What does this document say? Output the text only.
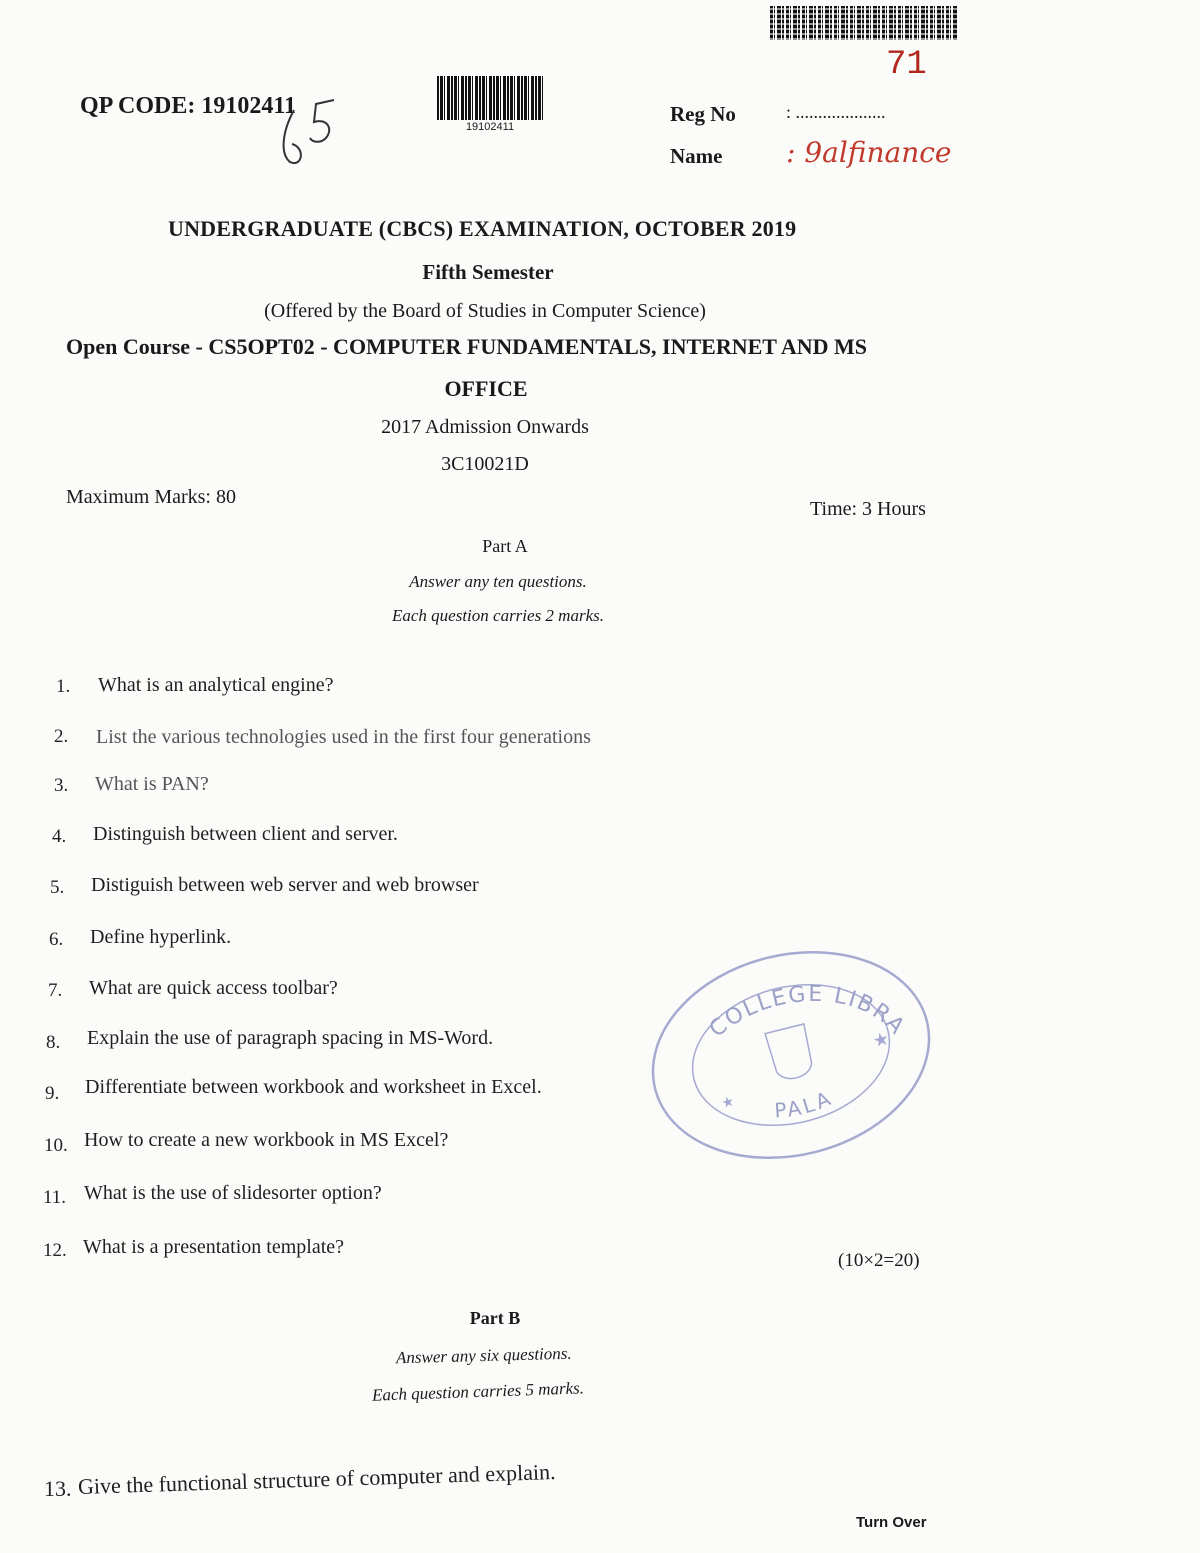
71
QP CODE: 19102411
19102411
Reg No	: ....................
Name : 9alfinance
UNDERGRADUATE (CBCS) EXAMINATION, OCTOBER 2019
Fifth Semester
(Offered by the Board of Studies in Computer Science)
Open Course - CS5OPT02 - COMPUTER FUNDAMENTALS, INTERNET AND MS
OFFICE
2017 Admission Onwards
3C10021D
Maximum Marks: 80
Time: 3 Hours
Part A
Answer any ten questions.
Each question carries 2 marks.
1. What is an analytical engine?
2. List the various technologies used in the first four generations
3. What is PAN?
4. Distinguish between client and server.
5. Distiguish between web server and web browser
6. Define hyperlink.
7. What are quick access toolbar?
8. Explain the use of paragraph spacing in MS-Word.
9. Differentiate between workbook and worksheet in Excel.
10. How to create a new workbook in MS Excel?
11. What is the use of slidesorter option?
12. What is a presentation template?
(10×2=20)
COLLEGE LIBRARY
PALA
★
★
Part B
Answer any six questions.
Each question carries 5 marks.
13. Give the functional structure of computer and explain.
Turn Over
